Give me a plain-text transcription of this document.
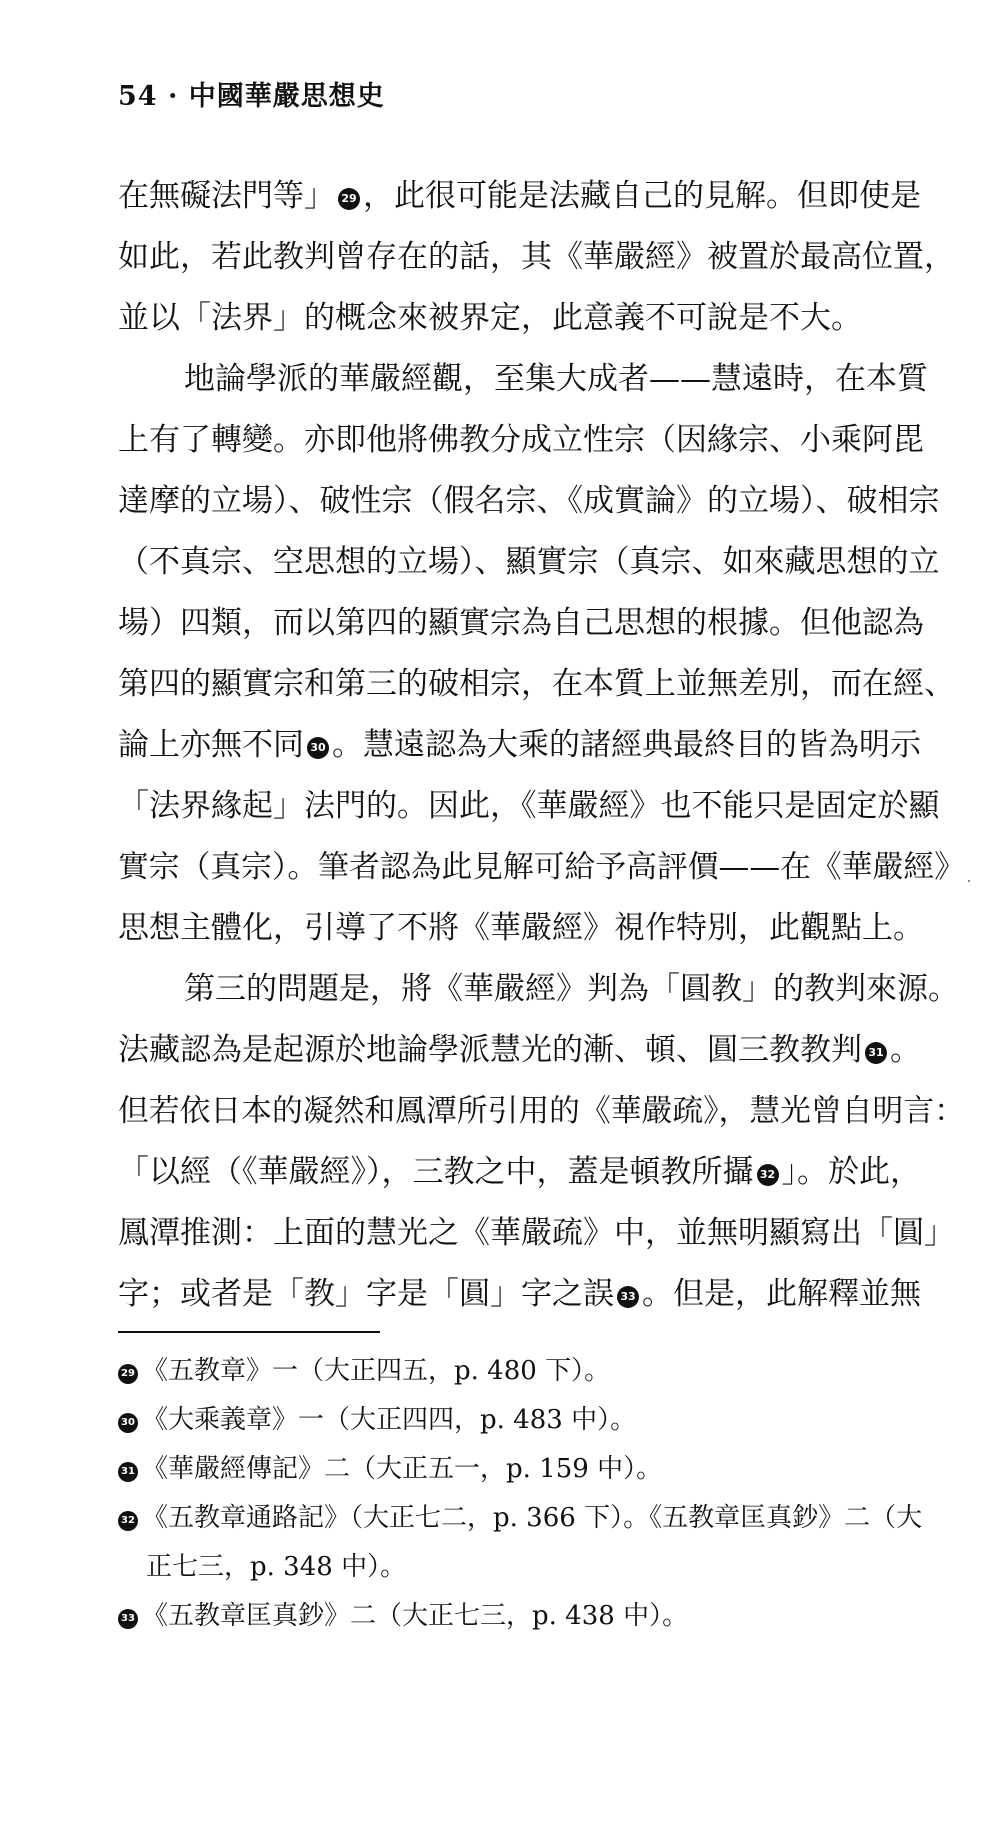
54 · 中國華嚴思想史
在無礙法門等」 29 ，此很可能是法藏自己的見解。但即使是
如此，若此教判曾存在的話，其《華嚴經》被置於最高位置，
並以「法界」的概念來被界定，此意義不可說是不大。
地論學派的華嚴經觀，至集大成者——慧遠時，在本質
上有了轉變。亦即他將佛教分成立性宗（因緣宗、小乘阿毘
達摩的立場）、破性宗（假名宗、《成實論》的立場）、破相宗
（不真宗、空思想的立場）、顯實宗（真宗、如來藏思想的立
場）四類，而以第四的顯實宗為自己思想的根據。但他認為
第四的顯實宗和第三的破相宗，在本質上並無差別，而在經、
論上亦無不同 30 。慧遠認為大乘的諸經典最終目的皆為明示
「法界緣起」法門的。因此，《華嚴經》也不能只是固定於顯
實宗（真宗）。筆者認為此見解可給予高評價——在《華嚴經》
思想主體化，引導了不將《華嚴經》視作特別，此觀點上。
第三的問題是，將《華嚴經》判為「圓教」的教判來源。
法藏認為是起源於地論學派慧光的漸、頓、圓三教教判 31 。
但若依日本的凝然和鳳潭所引用的《華嚴疏》，慧光曾自明言：
「以經（《華嚴經》），三教之中，蓋是頓教所攝 32 」。於此，
鳳潭推測：上面的慧光之《華嚴疏》中，並無明顯寫出「圓」
字；或者是「教」字是「圓」字之誤 33 。但是，此解釋並無
29 《五教章》一（大正四五，p. 480 下）。
30 《大乘義章》一（大正四四，p. 483 中）。
31 《華嚴經傳記》二（大正五一，p. 159 中）。
32 《五教章通路記》（大正七二，p. 366 下）。《五教章匡真鈔》二（大
正七三，p. 348 中）。
33 《五教章匡真鈔》二（大正七三，p. 438 中）。
